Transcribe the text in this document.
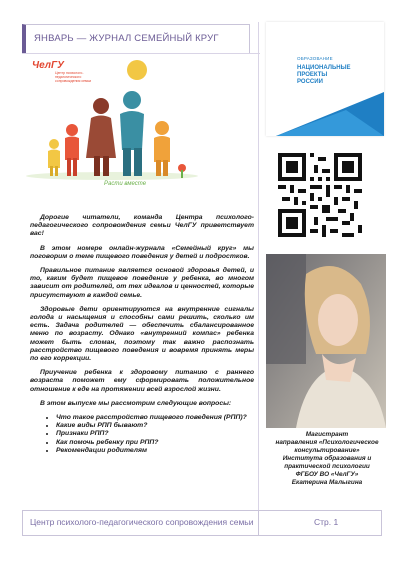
ЯНВАРЬ — ЖУРНАЛ СЕМЕЙНЫЙ КРУГ
ЧелГУ
Центр психолого-педагогического сопровождения семьи
Расти вместе
ОБРАЗОВАНИЕ
НАЦИОНАЛЬНЫЕ
ПРОЕКТЫ
РОССИИ
Магистрант
направления «Психологическое консультирование»
Института образования и практической психологии
ФГБОУ ВО «ЧелГУ»
Екатерина Малыгина

Дорогие читатели, команда Центра психолого-педагогического сопровождения семьи ЧелГУ приветствует вас!

В этом номере онлайн-журнала «Семейный круг» мы поговорим о теме пищевого поведения у детей и подростков.

Правильное питание является основой здоровья детей, и то, каким будет пищевое поведение у ребенка, во многом зависит от родителей, от тех идеалов и ценностей, которые присутствуют в каждой семье.

Здоровые дети ориентируются на внутренние сигналы голода и насыщения и способны сами решить, сколько им есть. Задача родителей — обеспечить сбалансированное меню по возрасту. Однако «внутренний компас» ребенка может быть сломан, поэтому так важно распознать расстройство пищевого поведения и вовремя принять меры по его коррекции.

Приучение ребенка к здоровому питанию с раннего возраста поможет ему сформировать положительное отношение к еде на протяжении всей взрослой жизни.

В этом выпуске мы рассмотрим следующие вопросы:

• Что такое расстройство пищевого поведения (РПП)?
• Какие виды РПП бывают?
• Признаки РПП?
• Как помочь ребенку при РПП?
• Рекомендации родителям
Центр психолого-педагогического сопровождения семьи	Стр. 1
